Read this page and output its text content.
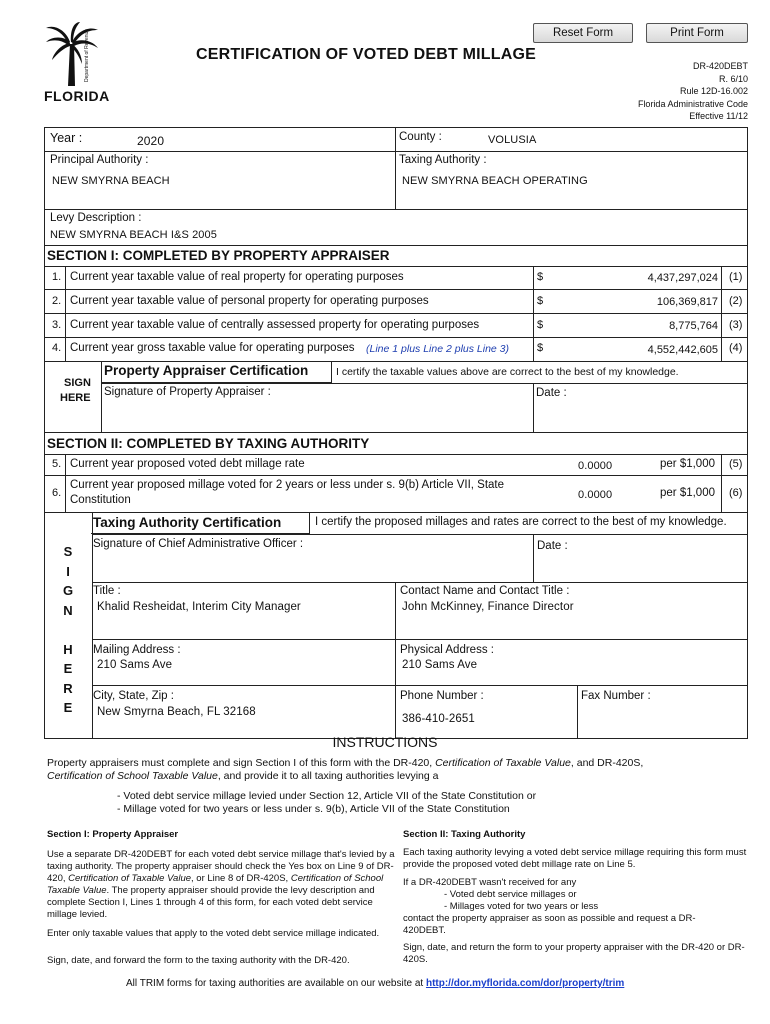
Department of Revenue
FLORIDA
CERTIFICATION OF VOTED DEBT MILLAGE
Reset Form	Print Form
DR-420DEBT
R. 6/10
Rule 12D-16.002
Florida Administrative Code
Effective 11/12
Year :	2020	County :	VOLUSIA
Principal Authority :
NEW SMYRNA BEACH
Taxing Authority :
NEW SMYRNA BEACH OPERATING
Levy Description :
NEW SMYRNA BEACH I&S 2005
SECTION I: COMPLETED BY PROPERTY APPRAISER
1. Current year taxable value of real property for operating purposes	$	4,437,297,024 (1)
2. Current year taxable value of personal property for operating purposes	$	106,369,817 (2)
3. Current year taxable value of centrally assessed property for operating purposes	$	8,775,764 (3)
4. Current year gross taxable value for operating purposes (Line 1 plus Line 2 plus Line 3)	$	4,552,442,605 (4)
Property Appraiser Certification	I certify the taxable values above are correct to the best of my knowledge.
SIGN
HERE Signature of Property Appraiser :	Date :
SECTION II: COMPLETED BY TAXING AUTHORITY
5. Current year proposed voted debt millage rate	0.0000	per $1,000 (5)
6.
Current year proposed millage voted for 2 years or less under s. 9(b) Article VII, State
Constitution	0.0000	per $1,000 (6)
Taxing Authority Certification	I certify the proposed millages and rates are correct to the best of my knowledge.
S
I
G
N
H
E
R
E
Signature of Chief Administrative Officer :	Date :
Title :
Khalid Resheidat, Interim City Manager
Contact Name and Contact Title :
John McKinney, Finance Director
Mailing Address :
210 Sams Ave
Physical Address :
210 Sams Ave
City, State, Zip :
New Smyrna Beach, FL 32168
Phone Number :
386-410-2651
Fax Number :
INSTRUCTIONS
Property appraisers must complete and sign Section I of this form with the DR-420, Certification of Taxable Value, and DR-420S,
Certification of School Taxable Value, and provide it to all taxing authorities levying a
- Voted debt service millage levied under Section 12, Article VII of the State Constitution or
- Millage voted for two years or less under s. 9(b), Article VII of the State Constitution
Section I: Property Appraiser
Use a separate DR-420DEBT for each voted debt service millage that's levied by a taxing authority. The property appraiser should check the Yes box on Line 9 of DR-420, Certification of Taxable Value, or Line 8 of DR-420S, Certification of School Taxable Value. The property appraiser should provide the levy description and complete Section I, Lines 1 through 4 of this form, for each voted debt service millage levied.
Enter only taxable values that apply to the voted debt service millage indicated.
Sign, date, and forward the form to the taxing authority with the DR-420.
Section II: Taxing Authority
Each taxing authority levying a voted debt service millage requiring this form must provide the proposed voted debt millage rate on Line 5.
If a DR-420DEBT wasn't received for any
- Voted debt service millages or
- Millages voted for two years or less
contact the property appraiser as soon as possible and request a DR-420DEBT.
Sign, date, and return the form to your property appraiser with the DR-420 or DR-420S.
All TRIM forms for taxing authorities are available on our website at http://dor.myflorida.com/dor/property/trim
